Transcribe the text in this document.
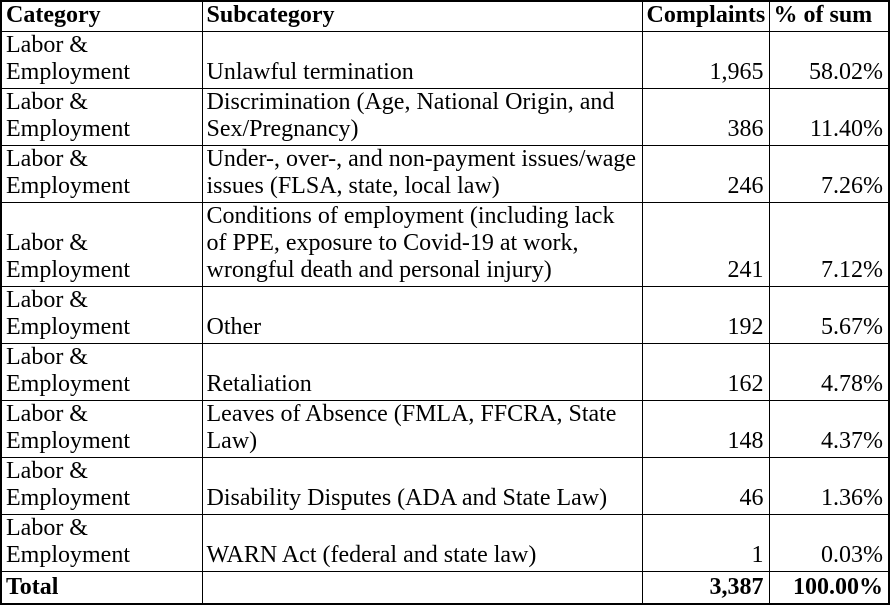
Category	Subcategory	Complaints	% of sum
Labor & Employment	Unlawful termination	1,965	58.02%
Labor & Employment	Discrimination (Age, National Origin, and Sex/Pregnancy)	386	11.40%
Labor & Employment	Under-, over-, and non-payment issues/wage issues (FLSA, state, local law)	246	7.26%
Labor & Employment	Conditions of employment (including lack of PPE, exposure to Covid-19 at work, wrongful death and personal injury)	241	7.12%
Labor & Employment	Other	192	5.67%
Labor & Employment	Retaliation	162	4.78%
Labor & Employment	Leaves of Absence (FMLA, FFCRA, State Law)	148	4.37%
Labor & Employment	Disability Disputes (ADA and State Law)	46	1.36%
Labor & Employment	WARN Act (federal and state law)	1	0.03%
Total		3,387	100.00%
